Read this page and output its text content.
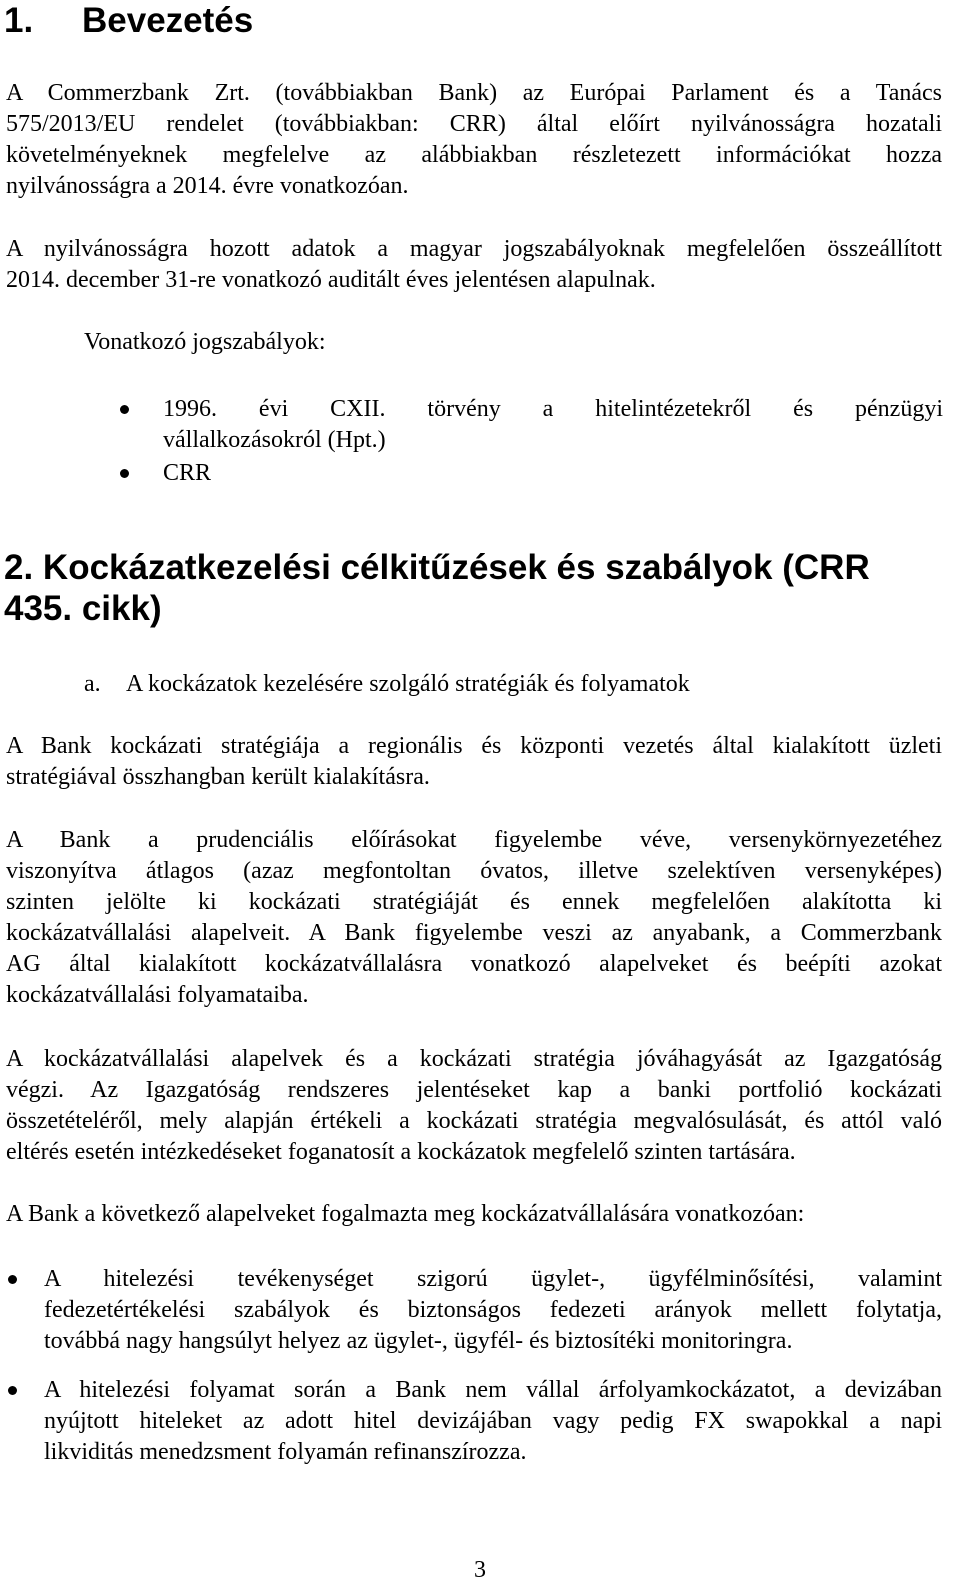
1. Bevezetés
A Commerzbank Zrt. (továbbiakban Bank) az Európai Parlament és a Tanács
575/2013/EU rendelet (továbbiakban: CRR) által előírt nyilvánosságra hozatali
követelményeknek megfelelve az alábbiakban részletezett információkat hozza
nyilvánosságra a 2014. évre vonatkozóan.
A nyilvánosságra hozott adatok a magyar jogszabályoknak megfelelően összeállított
2014. december 31-re vonatkozó auditált éves jelentésen alapulnak.
Vonatkozó jogszabályok:
1996. évi CXII. törvény a hitelintézetekről és pénzügyi
vállalkozásokról (Hpt.)
CRR
2. Kockázatkezelési célkitűzések és szabályok (CRR
435. cikk)
a. A kockázatok kezelésére szolgáló stratégiák és folyamatok
A Bank kockázati stratégiája a regionális és központi vezetés által kialakított üzleti
stratégiával összhangban került kialakításra.
A Bank a prudenciális előírásokat figyelembe véve, versenykörnyezetéhez
viszonyítva átlagos (azaz megfontoltan óvatos, illetve szelektíven versenyképes)
szinten jelölte ki kockázati stratégiáját és ennek megfelelően alakította ki
kockázatvállalási alapelveit. A Bank figyelembe veszi az anyabank, a Commerzbank
AG által kialakított kockázatvállalásra vonatkozó alapelveket és beépíti azokat
kockázatvállalási folyamataiba.
A kockázatvállalási alapelvek és a kockázati stratégia jóváhagyását az Igazgatóság
végzi. Az Igazgatóság rendszeres jelentéseket kap a banki portfolió kockázati
összetételéről, mely alapján értékeli a kockázati stratégia megvalósulását, és attól való
eltérés esetén intézkedéseket foganatosít a kockázatok megfelelő szinten tartására.
A Bank a következő alapelveket fogalmazta meg kockázatvállalására vonatkozóan:
A hitelezési tevékenységet szigorú ügylet-, ügyfélminősítési, valamint
fedezetértékelési szabályok és biztonságos fedezeti arányok mellett folytatja,
továbbá nagy hangsúlyt helyez az ügylet-, ügyfél- és biztosítéki monitoringra.
A hitelezési folyamat során a Bank nem vállal árfolyamkockázatot, a devizában
nyújtott hiteleket az adott hitel devizájában vagy pedig FX swapokkal a napi
likviditás menedzsment folyamán refinanszírozza.
3
